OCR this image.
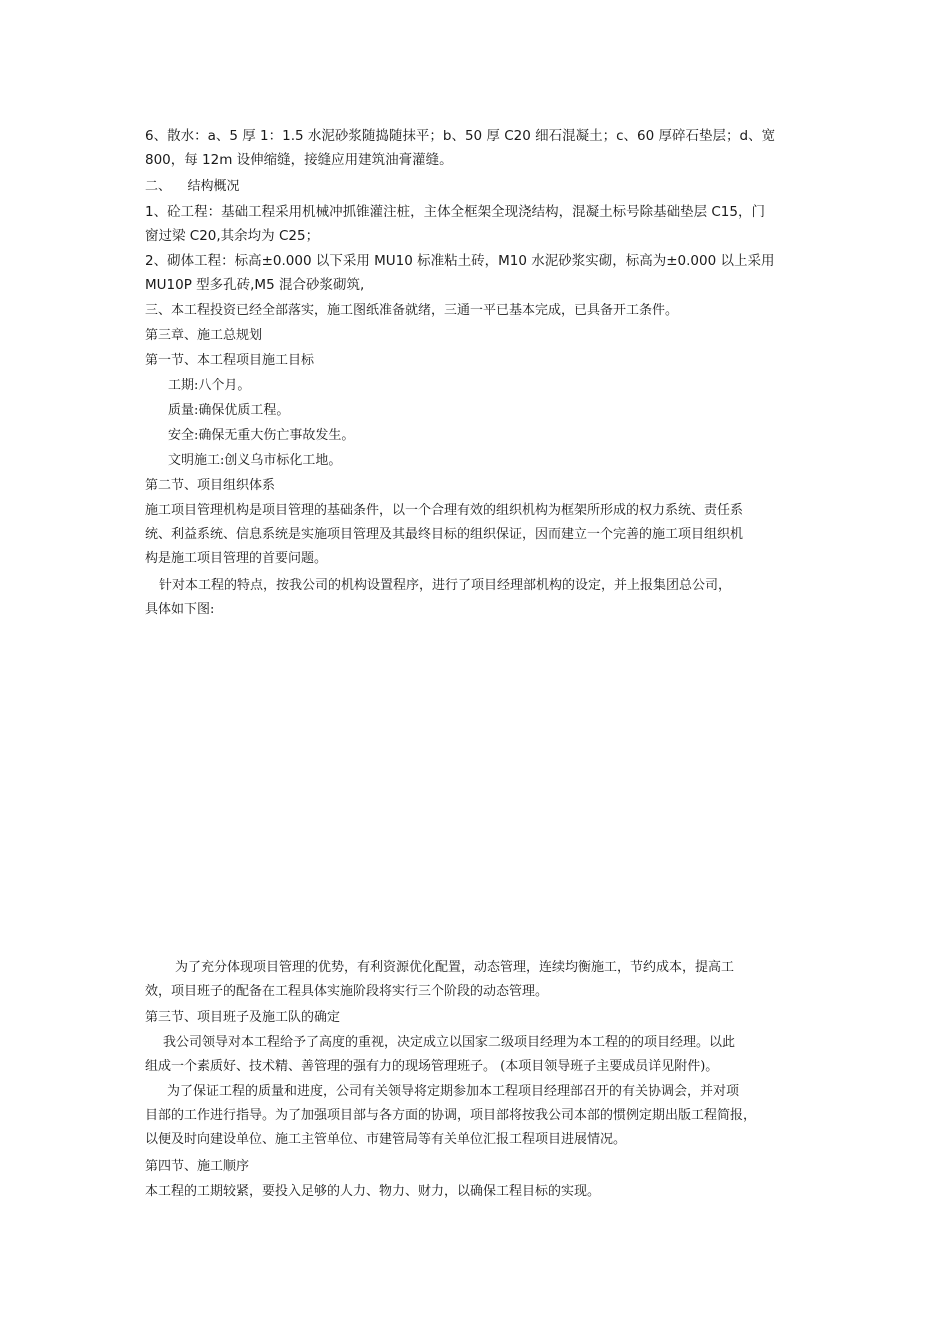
6、散水：a、5 厚 1：1.5 水泥砂浆随捣随抹平；b、50 厚 C20 细石混凝土；c、60 厚碎石垫层；d、宽
800，每 12m 设伸缩缝，接缝应用建筑油膏灌缝。
二、    结构概况
1、砼工程：基础工程采用机械冲抓锥灌注桩，主体全框架全现浇结构，混凝土标号除基础垫层 C15，门
窗过梁 C20,其余均为 C25；
2、砌体工程：标高±0.000 以下采用 MU10 标准粘土砖，M10 水泥砂浆实砌，标高为±0.000 以上采用
MU10P 型多孔砖,M5 混合砂浆砌筑,
三、本工程投资已经全部落实，施工图纸准备就绪，三通一平已基本完成，已具备开工条件。
第三章、施工总规划
第一节、本工程项目施工目标
工期:八个月。
质量:确保优质工程。
安全:确保无重大伤亡事故发生。
文明施工:创义乌市标化工地。
第二节、项目组织体系
施工项目管理机构是项目管理的基础条件，以一个合理有效的组织机构为框架所形成的权力系统、责任系
统、利益系统、信息系统是实施项目管理及其最终目标的组织保证，因而建立一个完善的施工项目组织机
构是施工项目管理的首要问题。
针对本工程的特点，按我公司的机构设置程序，进行了项目经理部机构的设定，并上报集团总公司，
具体如下图:
为了充分体现项目管理的优势，有利资源优化配置，动态管理，连续均衡施工，节约成本，提高工
效，项目班子的配备在工程具体实施阶段将实行三个阶段的动态管理。
第三节、项目班子及施工队的确定
我公司领导对本工程给予了高度的重视，决定成立以国家二级项目经理为本工程的的项目经理。以此
组成一个素质好、技术精、善管理的强有力的现场管理班子。 (本项目领导班子主要成员详见附件)。
为了保证工程的质量和进度，公司有关领导将定期参加本工程项目经理部召开的有关协调会，并对项
目部的工作进行指导。为了加强项目部与各方面的协调，项目部将按我公司本部的惯例定期出版工程简报，
以便及时向建设单位、施工主管单位、市建管局等有关单位汇报工程项目进展情况。
第四节、施工顺序
本工程的工期较紧，要投入足够的人力、物力、财力，以确保工程目标的实现。
